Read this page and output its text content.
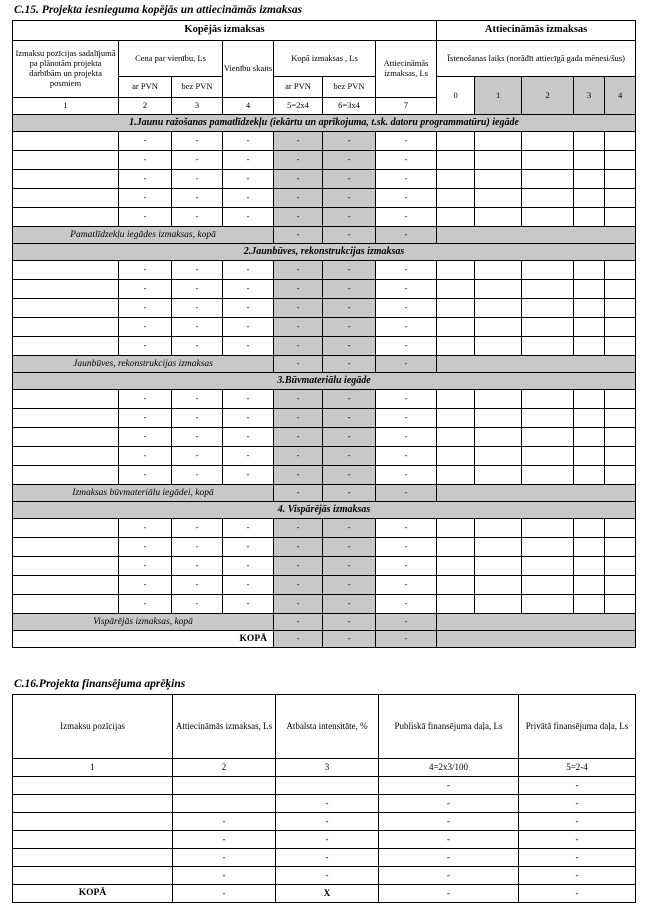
C.15. Projekta iesnieguma kopējās un attiecināmās izmaksas
Kopējās izmaksas							Attiecināmās izmaksas				
Izmaksu pozīcijas sadalījumā pa plānotām projekta darbībām un projekta posmiem	Cena par vienību, Ls		Vienību skaits	Kopā izmaksas , Ls		Attiecināmās izmaksas, Ls	Īstenošanas laiks (norādīt attiecīgā gada mēnesi/šus)				
	ar PVN	bez PVN		ar PVN	bez PVN		0	1	2	3	4
1	2	3	4	5=2x4	6=3x4	7					
1.Jaunu ražošanas pamatlīdzekļu (iekārtu un aprīkojuma, t.sk. datoru programmatūru) iegāde											
	-	-	-	-	-	-					
	-	-	-	-	-	-					
	-	-	-	-	-	-					
	-	-	-	-	-	-					
	-	-	-	-	-	-					
Pamatlīdzekļu iegādes izmaksas, kopā				-	-	-					
2.Jaunbūves, rekonstrukcijas izmaksas											
	-	-	-	-	-	-					
	-	-	-	-	-	-					
	-	-	-	-	-	-					
	-	-	-	-	-	-					
	-	-	-	-	-	-					
Jaunbūves, rekonstrukcijas izmaksas				-	-	-					
3.Būvmateriālu iegāde											
	-	-	-	-	-	-					
	-	-	-	-	-	-					
	-	-	-	-	-	-					
	-	-	-	-	-	-					
	-	-	-	-	-	-					
Izmaksas būvmateriālu iegādei, kopā				-	-	-					
4. Vispārējās izmaksas											
	-	-	-	-	-	-					
	-	-	-	-	-	-					
	-	-	-	-	-	-					
	-	-	-	-	-	-					
	-	-	-	-	-	-					
Vispārējās izmaksas, kopā				-	-	-					
KOPĀ				-	-	-					
C.16.Projekta finansējuma aprēķins
Izmaksu pozīcijas	Attiecināmās izmaksas, Ls	Atbalsta intensitāte, %	Publiskā finansējuma daļa, Ls	Privātā finansējuma daļa, Ls
1	2	3	4=2x3/100	5=2-4
			-	-
		-	-	-
	-	-	-	-
	-	-	-	-
	-	-	-	-
	-	-	-	-
KOPĀ	-	X	-	-
